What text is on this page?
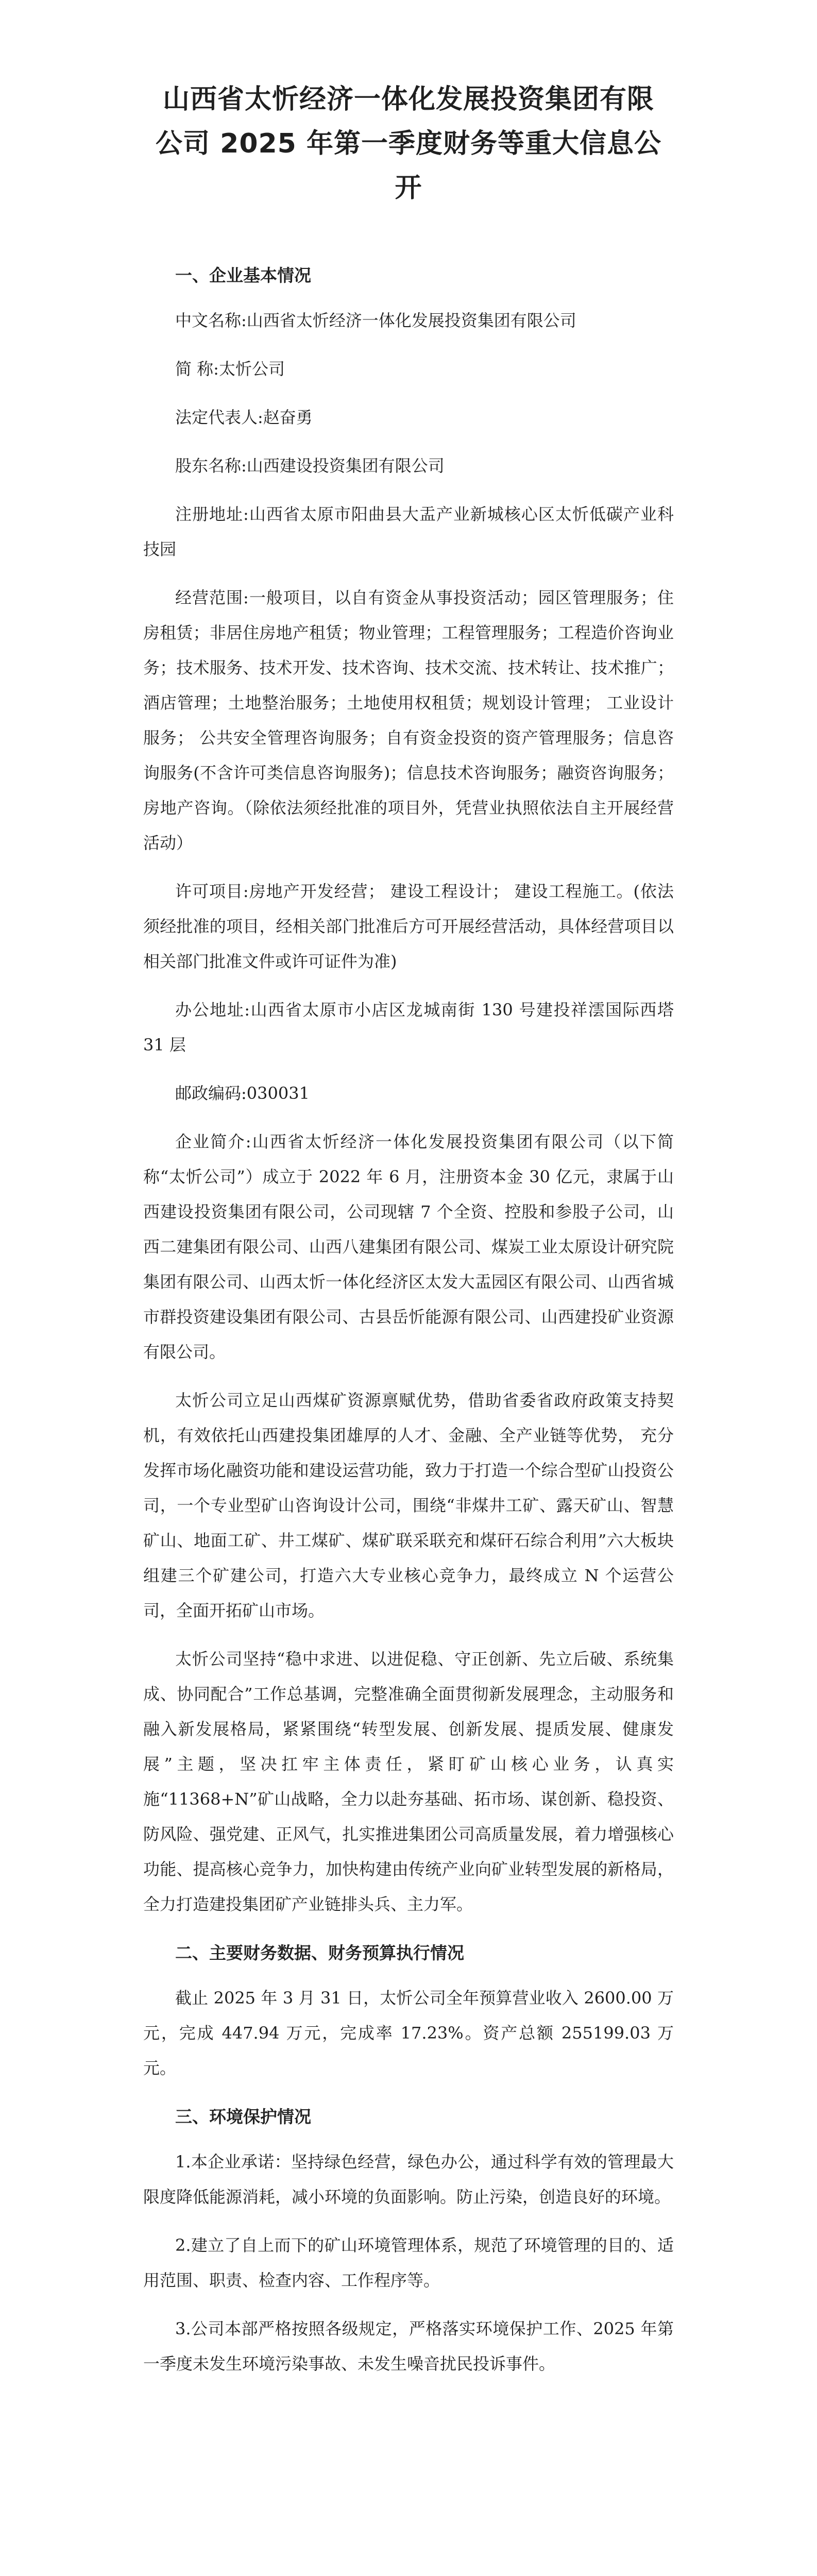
山西省太忻经济一体化发展投资集团有限
公司 2025 年第一季度财务等重大信息公开
一、企业基本情况

中文名称:山西省太忻经济一体化发展投资集团有限公司

简 称:太忻公司

法定代表人:赵奋勇

股东名称:山西建设投资集团有限公司

注册地址:山西省太原市阳曲县大盂产业新城核心区太忻低碳产业科技园

经营范围:一般项目，以自有资金从事投资活动；园区管理服务；住房租赁；非居住房地产租赁；物业管理；工程管理服务；工程造价咨询业务；技术服务、技术开发、技术咨询、技术交流、技术转让、技术推广；酒店管理；土地整治服务；土地使用权租赁；规划设计管理； 工业设计服务； 公共安全管理咨询服务；自有资金投资的资产管理服务；信息咨询服务(不含许可类信息咨询服务)；信息技术咨询服务；融资咨询服务；房地产咨询。（除依法须经批准的项目外，凭营业执照依法自主开展经营活动）

许可项目:房地产开发经营； 建设工程设计； 建设工程施工。(依法须经批准的项目，经相关部门批准后方可开展经营活动，具体经营项目以相关部门批准文件或许可证件为准)

办公地址:山西省太原市小店区龙城南街 130 号建投祥澐国际西塔 31 层

邮政编码:030031

企业简介:山西省太忻经济一体化发展投资集团有限公司（以下简称“太忻公司”）成立于 2022 年 6 月，注册资本金 30 亿元，隶属于山西建设投资集团有限公司，公司现辖 7 个全资、控股和参股子公司，山西二建集团有限公司、山西八建集团有限公司、煤炭工业太原设计研究院集团有限公司、山西太忻一体化经济区太发大盂园区有限公司、山西省城市群投资建设集团有限公司、古县岳忻能源有限公司、山西建投矿业资源有限公司。

太忻公司立足山西煤矿资源禀赋优势，借助省委省政府政策支持契机，有效依托山西建投集团雄厚的人才、金融、全产业链等优势， 充分发挥市场化融资功能和建设运营功能，致力于打造一个综合型矿山投资公司，一个专业型矿山咨询设计公司，围绕“非煤井工矿、露天矿山、智慧矿山、地面工矿、井工煤矿、煤矿联采联充和煤矸石综合利用”六大板块组建三个矿建公司，打造六大专业核心竞争力，最终成立 N 个运营公司，全面开拓矿山市场。

太忻公司坚持“稳中求进、以进促稳、守正创新、先立后破、系统集成、协同配合”工作总基调，完整准确全面贯彻新发展理念，主动服务和融入新发展格局，紧紧围绕“转型发展、创新发展、提质发展、健康发展”主题，坚决扛牢主体责任，紧盯矿山核心业务，认真实施“11368+N”矿山战略，全力以赴夯基础、拓市场、谋创新、稳投资、防风险、强党建、正风气，扎实推进集团公司高质量发展，着力增强核心功能、提高核心竞争力，加快构建由传统产业向矿业转型发展的新格局，全力打造建投集团矿产业链排头兵、主力军。

二、主要财务数据、财务预算执行情况

截止 2025 年 3 月 31 日，太忻公司全年预算营业收入 2600.00 万元，完成 447.94 万元，完成率 17.23%。资产总额 255199.03 万元。

三、环境保护情况

1.本企业承诺：坚持绿色经营，绿色办公，通过科学有效的管理最大限度降低能源消耗，减小环境的负面影响。防止污染，创造良好的环境。

2.建立了自上而下的矿山环境管理体系，规范了环境管理的目的、适用范围、职责、检查内容、工作程序等。

3.公司本部严格按照各级规定，严格落实环境保护工作、2025 年第一季度未发生环境污染事故、未发生噪音扰民投诉事件。
